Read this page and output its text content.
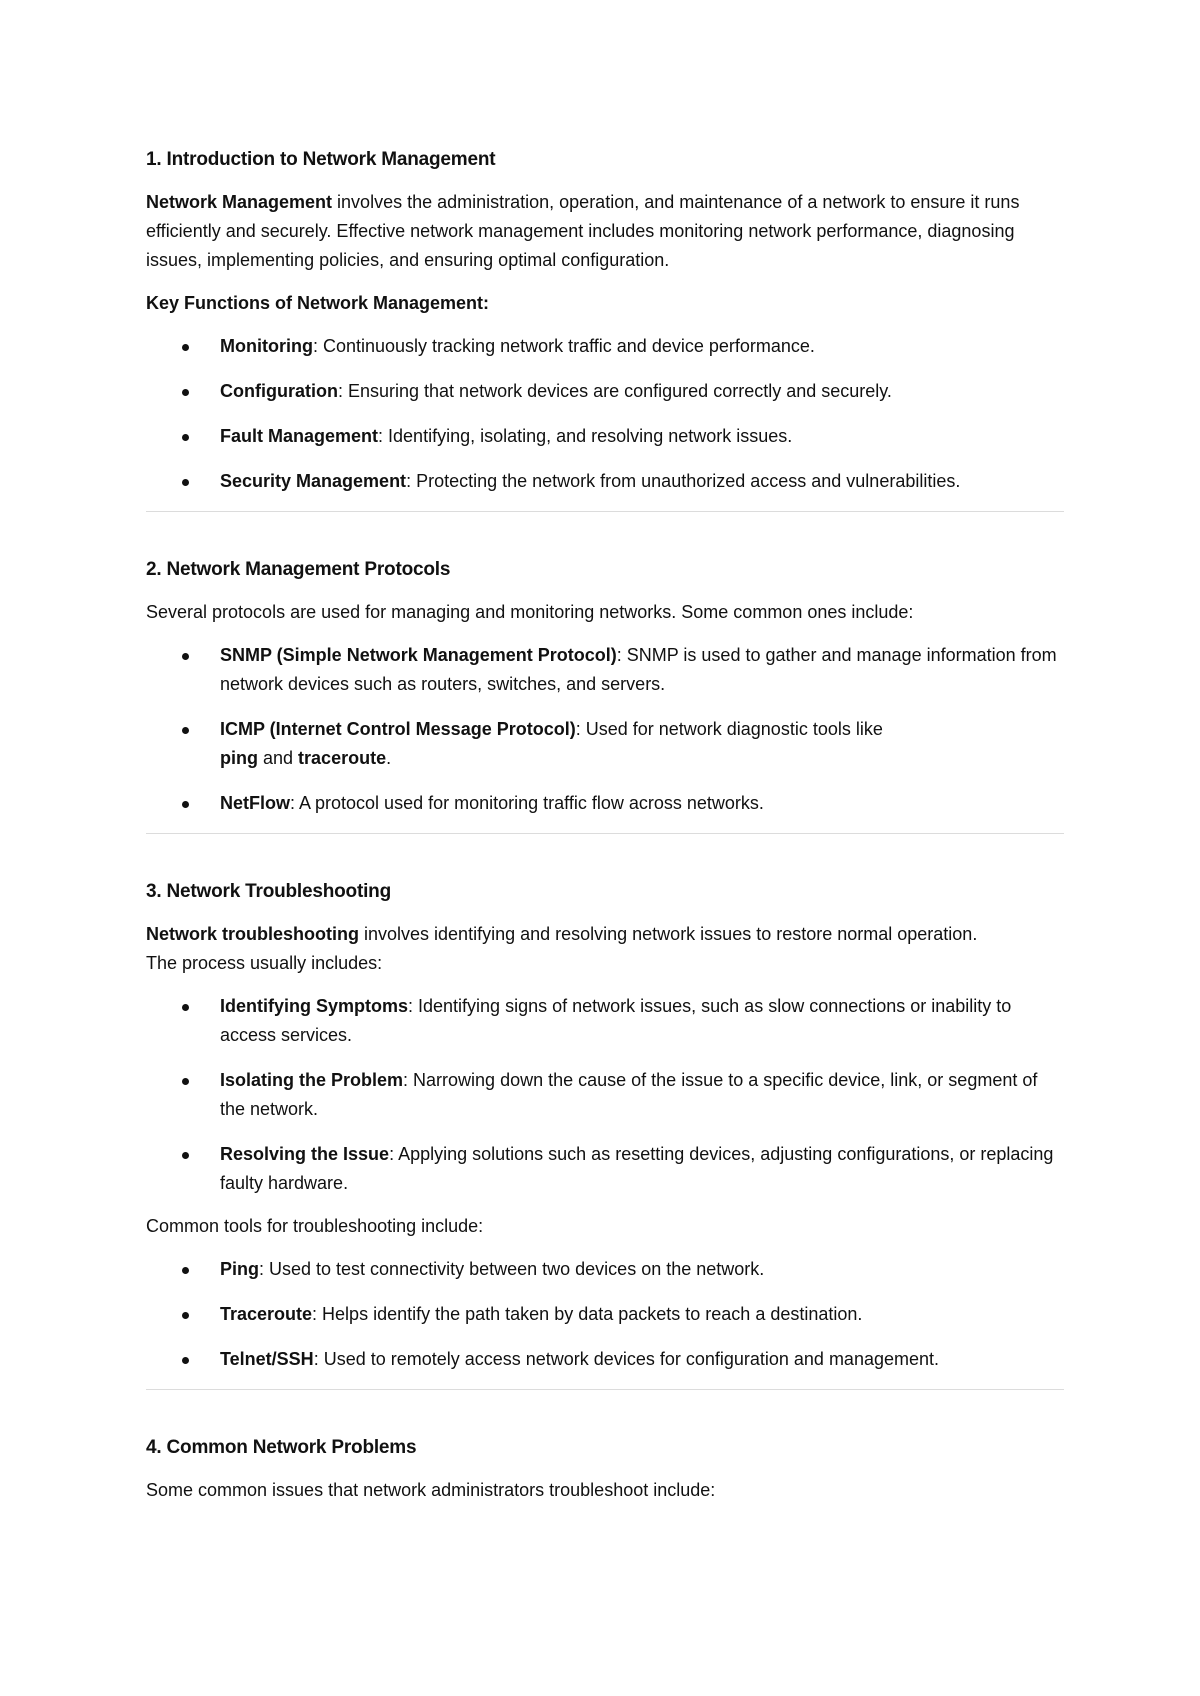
1. Introduction to Network Management

Network Management involves the administration, operation, and maintenance of a network to ensure it runs efficiently and securely. Effective network management includes monitoring network performance, diagnosing issues, implementing policies, and ensuring optimal configuration.

Key Functions of Network Management:

Monitoring: Continuously tracking network traffic and device performance.
Configuration: Ensuring that network devices are configured correctly and securely.
Fault Management: Identifying, isolating, and resolving network issues.
Security Management: Protecting the network from unauthorized access and vulnerabilities.
2. Network Management Protocols

Several protocols are used for managing and monitoring networks. Some common ones include:

SNMP (Simple Network Management Protocol): SNMP is used to gather and manage information from network devices such as routers, switches, and servers.
ICMP (Internet Control Message Protocol): Used for network diagnostic tools like ping and traceroute.
NetFlow: A protocol used for monitoring traffic flow across networks.
3. Network Troubleshooting

Network troubleshooting involves identifying and resolving network issues to restore normal operation. The process usually includes:

Identifying Symptoms: Identifying signs of network issues, such as slow connections or inability to access services.
Isolating the Problem: Narrowing down the cause of the issue to a specific device, link, or segment of the network.
Resolving the Issue: Applying solutions such as resetting devices, adjusting configurations, or replacing faulty hardware.

Common tools for troubleshooting include:

Ping: Used to test connectivity between two devices on the network.
Traceroute: Helps identify the path taken by data packets to reach a destination.
Telnet/SSH: Used to remotely access network devices for configuration and management.
4. Common Network Problems

Some common issues that network administrators troubleshoot include:
